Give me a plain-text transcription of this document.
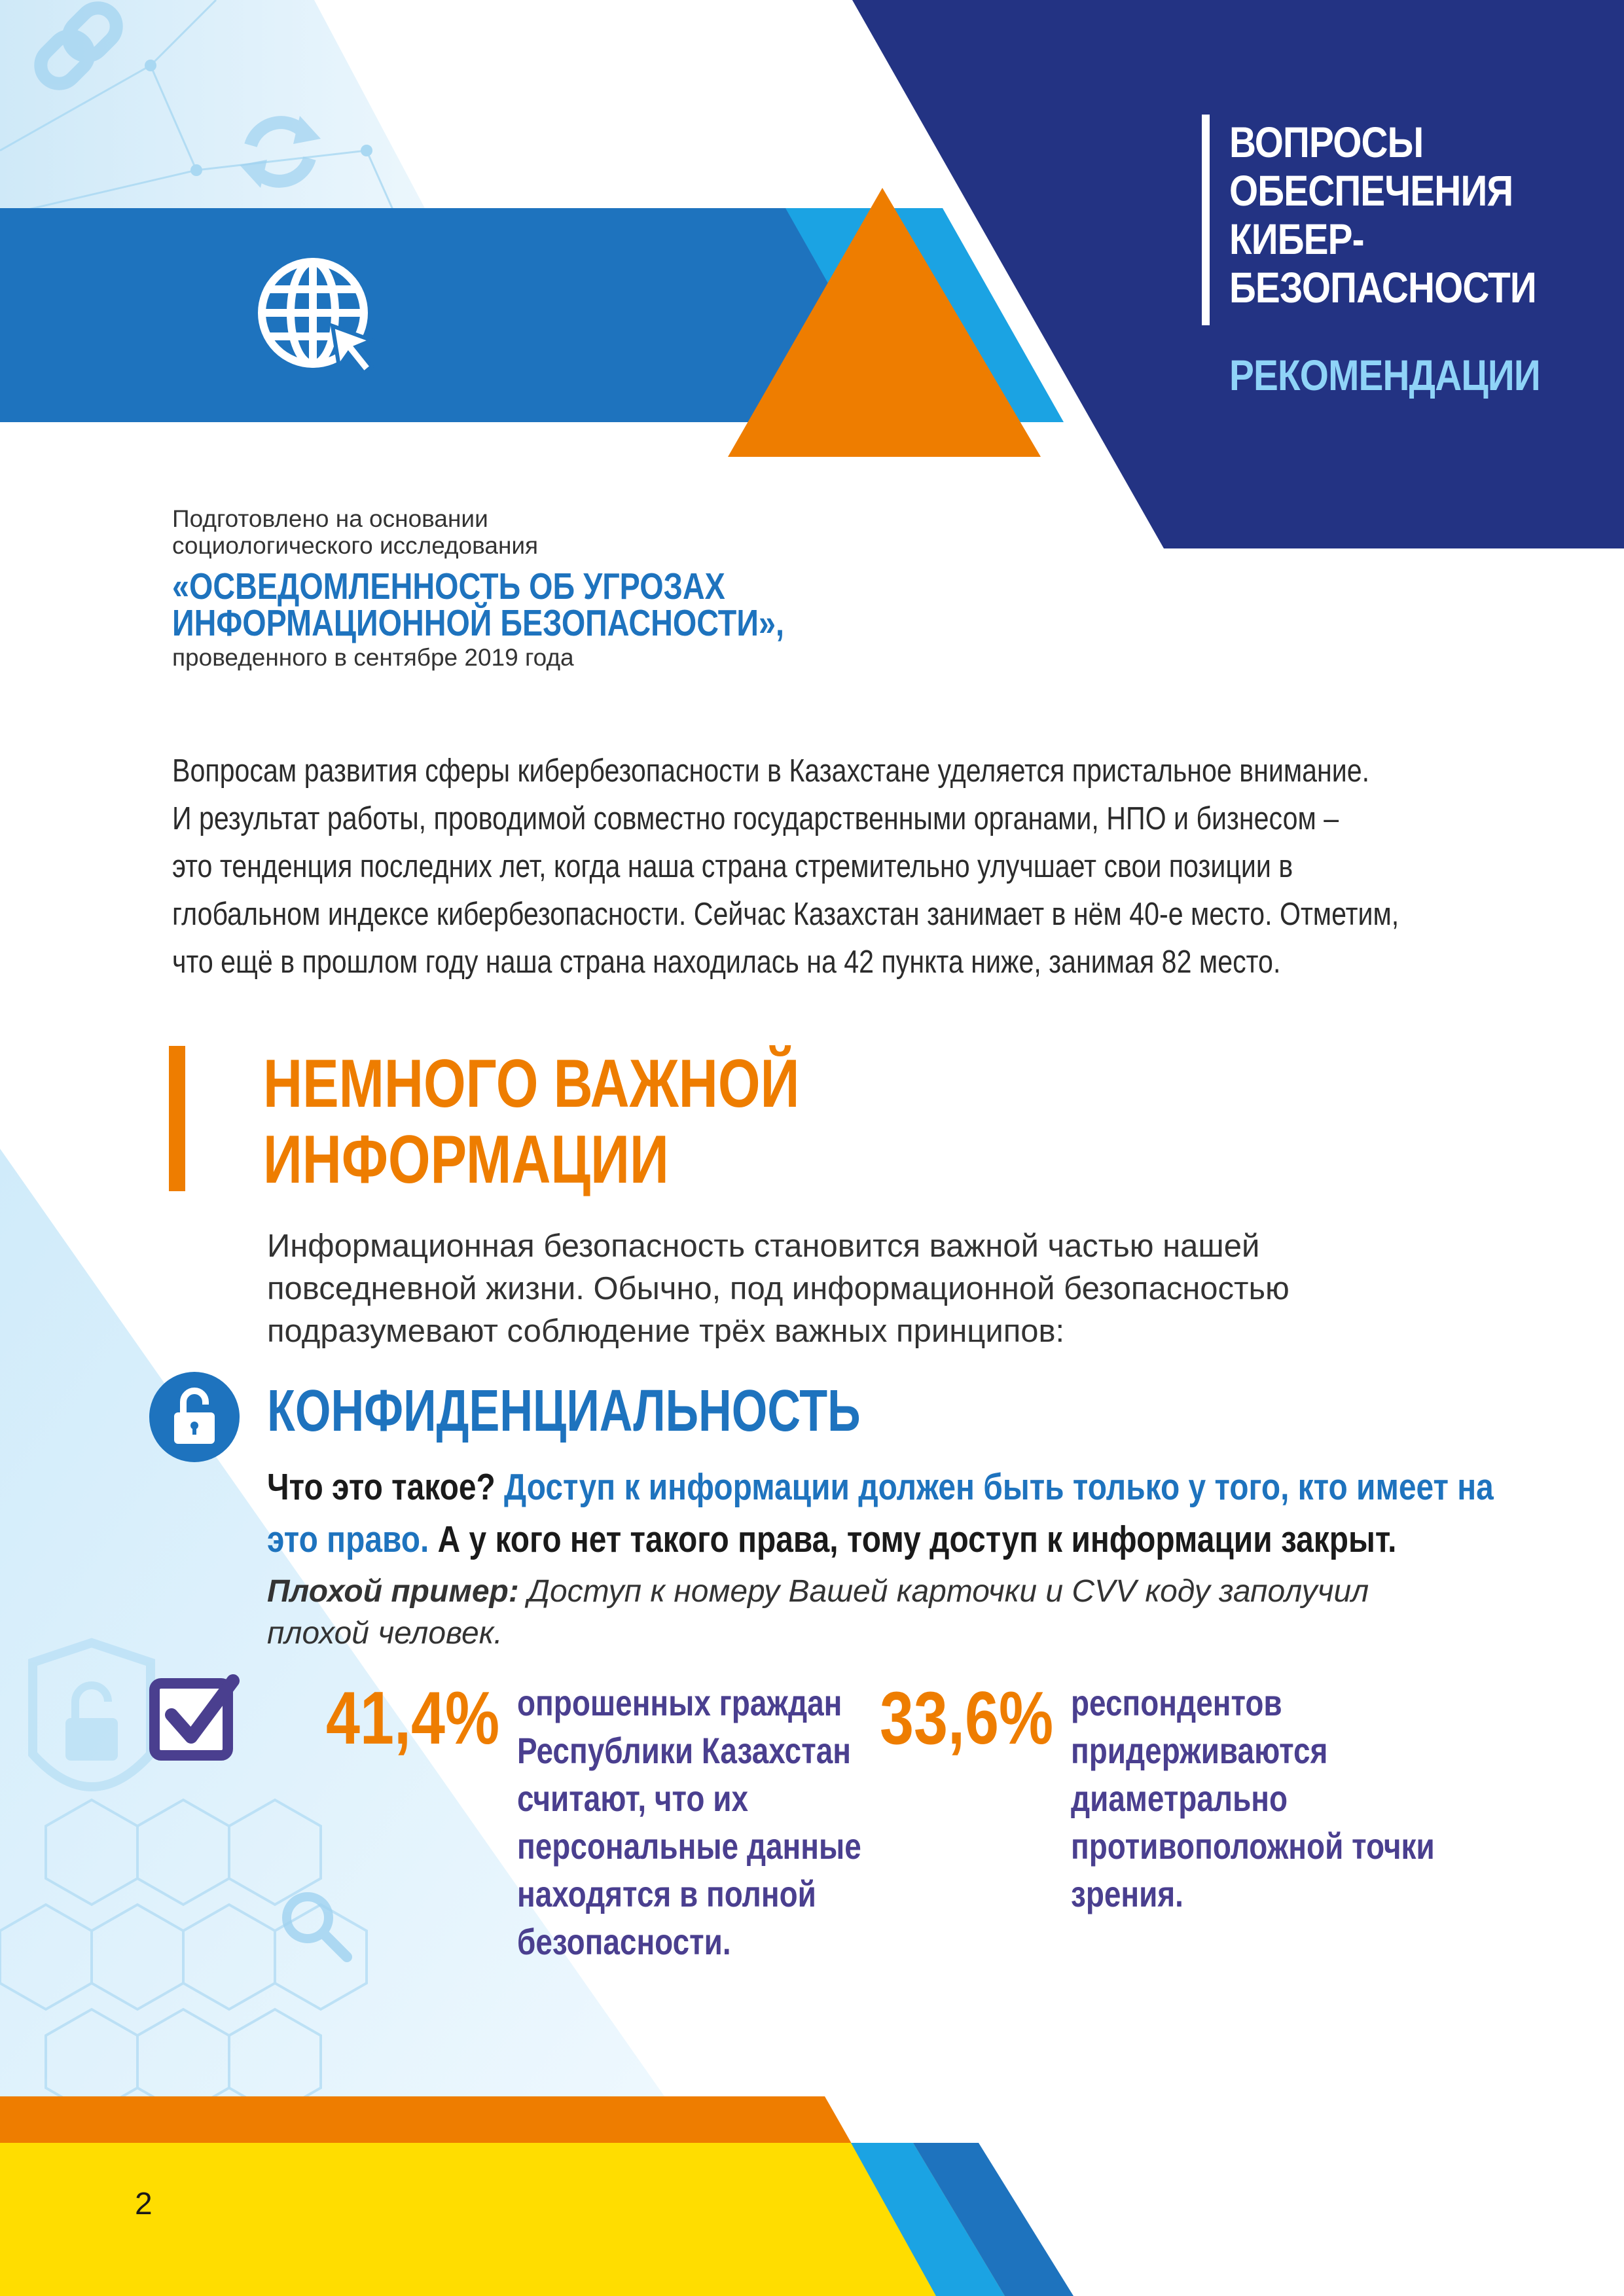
ВОПРОСЫ
ОБЕСПЕЧЕНИЯ
КИБЕР-
БЕЗОПАСНОСТИ
РЕКОМЕНДАЦИИ
Подготовлено на основании
социологического исследования
«ОСВЕДОМЛЕННОСТЬ ОБ УГРОЗАХ
ИНФОРМАЦИОННОЙ БЕЗОПАСНОСТИ»,
проведенного в сентябре 2019 года
Вопросам развития сферы кибербезопасности в Казахстане уделяется пристальное внимание.
И результат работы, проводимой совместно государственными органами, НПО и бизнесом –
это тенденция последних лет, когда наша страна стремительно улучшает свои позиции в
глобальном индексе кибербезопасности. Сейчас Казахстан занимает в нём 40-е место. Отметим,
что ещё в прошлом году наша страна находилась на 42 пункта ниже, занимая 82 место.
НЕМНОГО ВАЖНОЙ
ИНФОРМАЦИИ
Информационная безопасность становится важной частью нашей
повседневной жизни. Обычно, под информационной безопасностью
подразумевают соблюдение трёх важных принципов:
КОНФИДЕНЦИАЛЬНОСТЬ
Что это такое? Доступ к информации должен быть только у того, кто имеет на
это право. А у кого нет такого права, тому доступ к информации закрыт.
Плохой пример: Доступ к номеру Вашей карточки и CVV коду заполучил
плохой человек.
41,4% опрошенных граждан
Республики Казахстан
считают, что их
персональные данные
находятся в полной
безопасности.
33,6% респондентов
придерживаются
диаметрально
противоположной точки
зрения.
2
